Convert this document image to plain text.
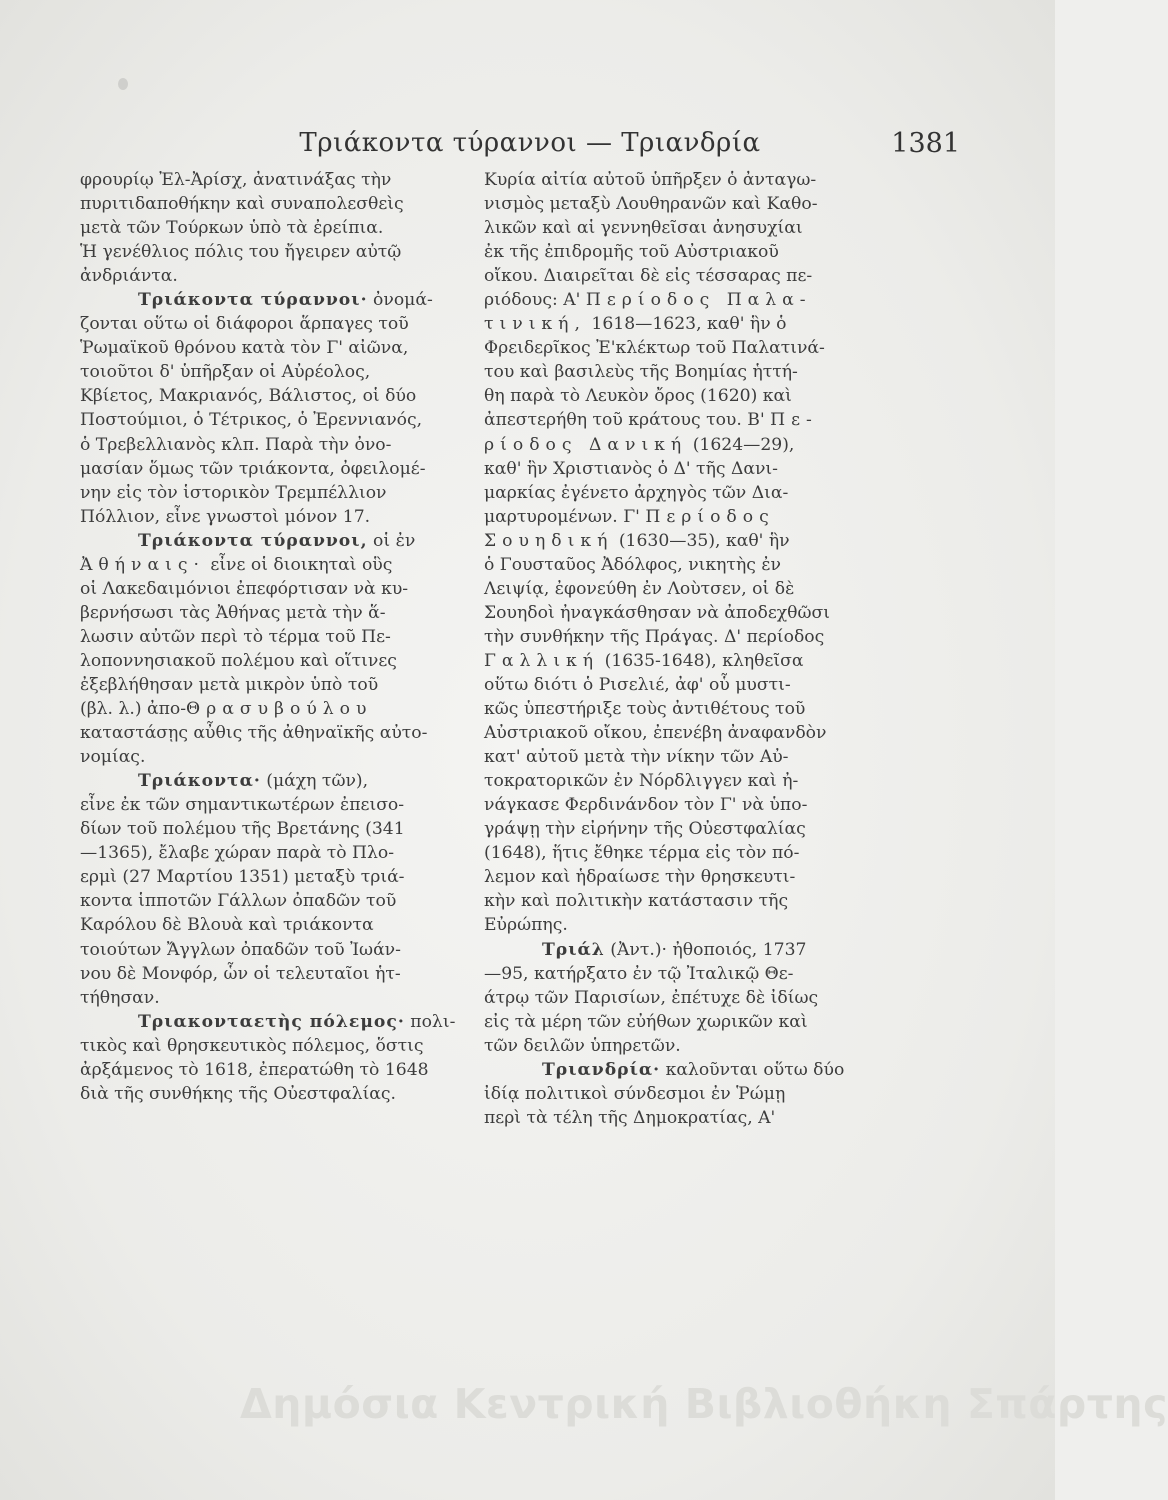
Τριάκοντα τύραννοι — Τριανδρία	1381
φρουρίῳ Ἐλ-Ἀρίσχ, ἀνατινάξας τὴν
πυριτιδαποθήκην καὶ συναπολεσθεὶς
μετὰ τῶν Τούρκων ὑπὸ τὰ ἐρείπια.
Ἡ γενέθλιος πόλις του ἤγειρεν αὐτῷ
ἀνδριάντα.
Τριάκοντα τύραννοι· ὀνομά-
ζονται οὕτω οἱ διάφοροι ἅρπαγες τοῦ
Ῥωμαϊκοῦ θρόνου κατὰ τὸν Γ' αἰῶνα,
τοιοῦτοι δ' ὑπῆρξαν οἱ Αὐρέολος,
Κβίετος, Μακριανός, Βάλιστος, οἱ δύο
Ποστούμιοι, ὁ Τέτρικος, ὁ Ἐρεννιανός,
ὁ Τρεβελλιανὸς κλπ. Παρὰ τὴν ὀνο-
μασίαν ὅμως τῶν τριάκοντα, ὀφειλομέ-
νην εἰς τὸν ἱστορικὸν Τρεμπέλλιον
Πόλλιον, εἶνε γνωστοὶ μόνον 17.
Τριάκοντα τύραννοι, οἱ ἐν
Ἀθήναις· εἶνε οἱ διοικηταὶ οὓς
οἱ Λακεδαιμόνιοι ἐπεφόρτισαν νὰ κυ-
βερνήσωσι τὰς Ἀθήνας μετὰ τὴν ἅ-
λωσιν αὐτῶν περὶ τὸ τέρμα τοῦ Πε-
λοποννησιακοῦ πολέμου καὶ οἵτινες
ἐξεβλήθησαν μετὰ μικρὸν ὑπὸ τοῦ
(βλ. λ.) ἀπο-Θρασυβούλου
καταστάσῃς αὖθις τῆς ἀθηναϊκῆς αὐτο-
νομίας.
Τριάκοντα· (μάχη τῶν),
εἶνε ἐκ τῶν σημαντικωτέρων ἐπεισο-
δίων τοῦ πολέμου τῆς Βρετάνης (341
—1365), ἔλαβε χώραν παρὰ τὸ Πλο-
ερμὶ (27 Μαρτίου 1351) μεταξὺ τριά-
κοντα ἱπποτῶν Γάλλων ὀπαδῶν τοῦ
Καρόλου δὲ Βλουὰ καὶ τριάκοντα
τοιούτων Ἄγγλων ὀπαδῶν τοῦ Ἰωάν-
νου δὲ Μονφόρ, ὧν οἱ τελευταῖοι ἡτ-
τήθησαν.
Τριακονταετὴς πόλεμος· πολι-
τικὸς καὶ θρησκευτικὸς πόλεμος, ὅστις
ἀρξάμενος τὸ 1618, ἐπερατώθη τὸ 1648
διὰ τῆς συνθήκης τῆς Οὐεστφαλίας.
Κυρία αἰτία αὐτοῦ ὑπῆρξεν ὁ ἀνταγω-
νισμὸς μεταξὺ Λουθηρανῶν καὶ Καθο-
λικῶν καὶ αἱ γεννηθεῖσαι ἀνησυχίαι
ἐκ τῆς ἐπιδρομῆς τοῦ Αὐστριακοῦ
οἴκου. Διαιρεῖται δὲ εἰς τέσσαρας πε-
ριόδους: Α' Περίοδος Παλα-
τινική, 1618—1623, καθ' ἣν ὁ
Φρειδερῖκος Ἐ'κλέκτωρ τοῦ Παλατινά-
του καὶ βασιλεὺς τῆς Βοημίας ἡττή-
θη παρὰ τὸ Λευκὸν ὄρος (1620) καὶ
ἀπεστερήθη τοῦ κράτους του. Β' Πε-
ρίοδος Δανική (1624—29),
καθ' ἣν Χριστιανὸς ὁ Δ' τῆς Δανι-
μαρκίας ἐγένετο ἀρχηγὸς τῶν Δια-
μαρτυρομένων. Γ' Περίοδος
Σουηδική (1630—35), καθ' ἣν
ὁ Γουσταῦος Ἀδόλφος, νικητὴς ἐν
Λειψίᾳ, ἐφονεύθη ἐν Λοὺτσεν, οἱ δὲ
Σουηδοὶ ἠναγκάσθησαν νὰ ἀποδεχθῶσι
τὴν συνθήκην τῆς Πράγας. Δ' περίοδος
Γαλλική (1635-1648), κληθεῖσα
οὕτω διότι ὁ Ρισελιέ, ἀφ' οὗ μυστι-
κῶς ὑπεστήριξε τοὺς ἀντιθέτους τοῦ
Αὐστριακοῦ οἴκου, ἐπενέβη ἀναφανδὸν
κατ' αὐτοῦ μετὰ τὴν νίκην τῶν Αὐ-
τοκρατορικῶν ἐν Νόρδλιγγεν καὶ ἠ-
νάγκασε Φερδινάνδον τὸν Γ' νὰ ὑπο-
γράψῃ τὴν εἰρήνην τῆς Οὐεστφαλίας
(1648), ἥτις ἔθηκε τέρμα εἰς τὸν πό-
λεμον καὶ ἡδραίωσε τὴν θρησκευτι-
κὴν καὶ πολιτικὴν κατάστασιν τῆς
Εὐρώπης.
Τριάλ (Ἀντ.)· ἠθοποιός, 1737
—95, κατήρξατο ἐν τῷ Ἰταλικῷ Θε-
άτρῳ τῶν Παρισίων, ἐπέτυχε δὲ ἰδίως
εἰς τὰ μέρη τῶν εὐήθων χωρικῶν καὶ
τῶν δειλῶν ὑπηρετῶν.
Τριανδρία· καλοῦνται οὕτω δύο
ἰδίᾳ πολιτικοὶ σύνδεσμοι ἐν Ῥώμῃ
περὶ τὰ τέλη τῆς Δημοκρατίας, Α'
Δημόσια Κεντρική Βιβλιοθήκη Σπάρτης
